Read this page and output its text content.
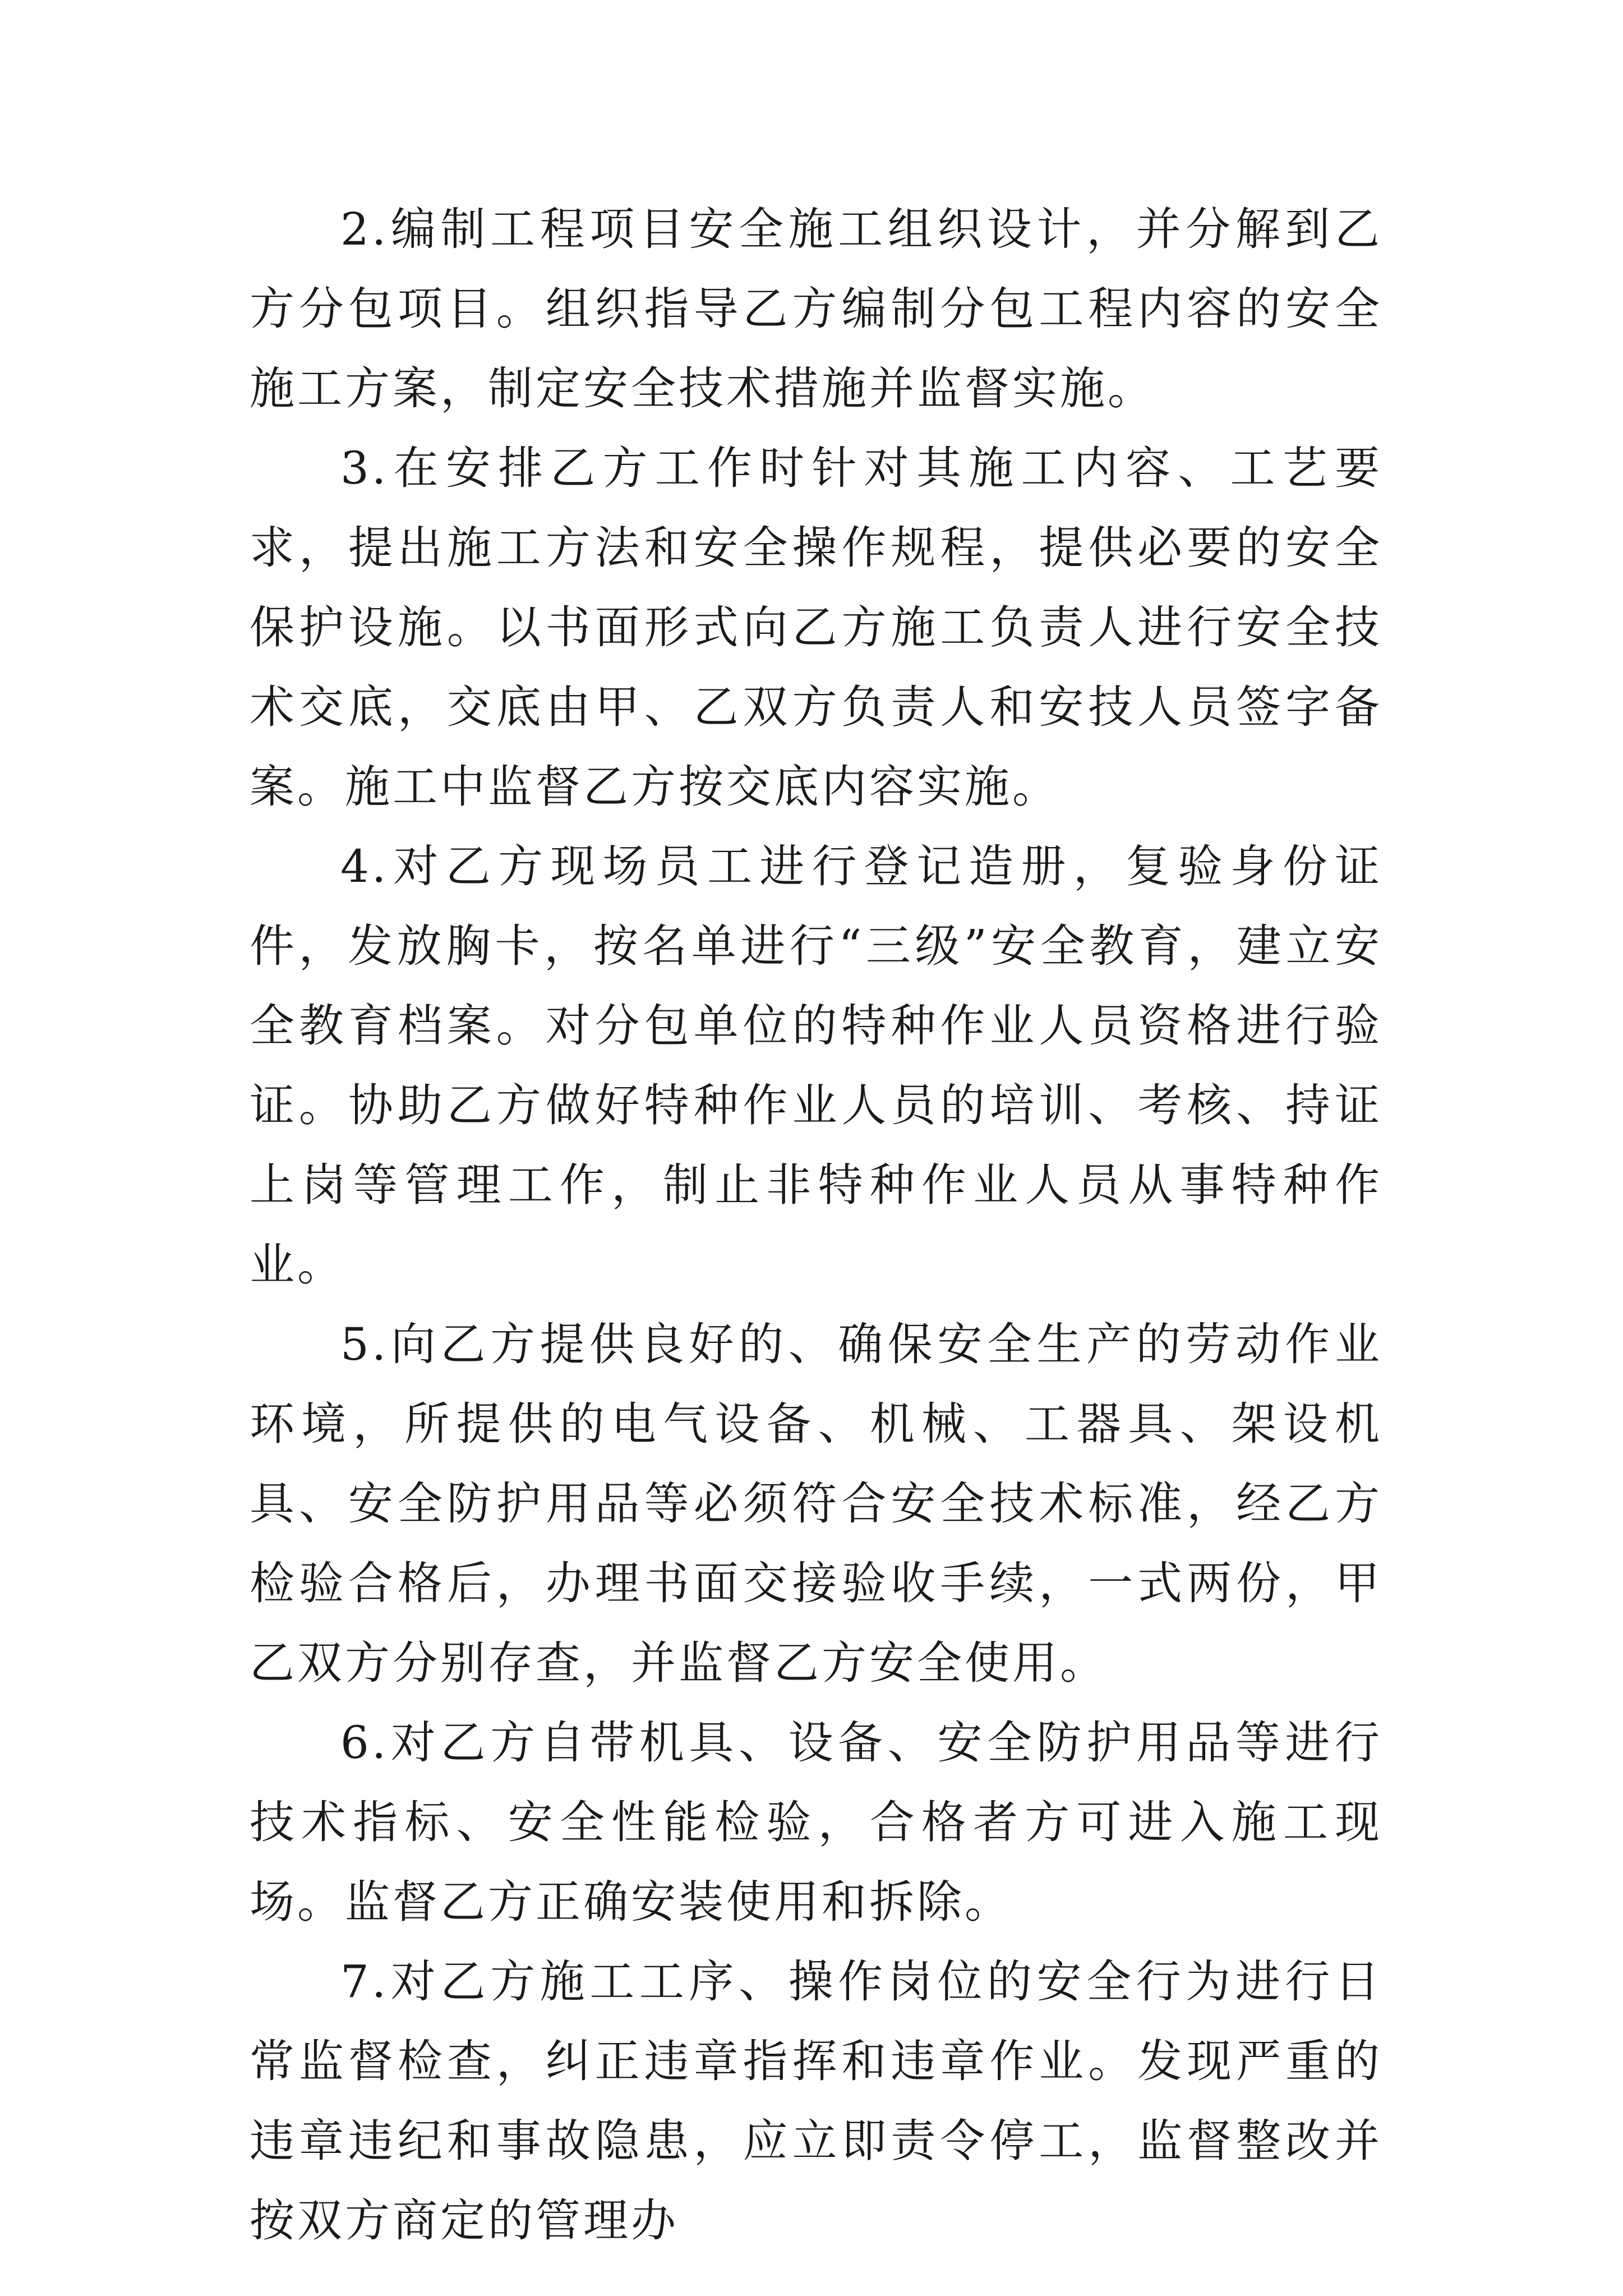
2.编制工程项目安全施工组织设计，并分解到乙方分包项目。组织指导乙方编制分包工程内容的安全施工方案，制定安全技术措施并监督实施。

3.在安排乙方工作时针对其施工内容、工艺要求，提出施工方法和安全操作规程，提供必要的安全保护设施。以书面形式向乙方施工负责人进行安全技术交底，交底由甲、乙双方负责人和安技人员签字备案。施工中监督乙方按交底内容实施。

4.对乙方现场员工进行登记造册，复验身份证件，发放胸卡，按名单进行“三级”安全教育，建立安全教育档案。对分包单位的特种作业人员资格进行验证。协助乙方做好特种作业人员的培训、考核、持证上岗等管理工作，制止非特种作业人员从事特种作业。

5.向乙方提供良好的、确保安全生产的劳动作业环境，所提供的电气设备、机械、工器具、架设机具、安全防护用品等必须符合安全技术标准，经乙方检验合格后，办理书面交接验收手续，一式两份，甲乙双方分别存查，并监督乙方安全使用。

6.对乙方自带机具、设备、安全防护用品等进行技术指标、安全性能检验，合格者方可进入施工现场。监督乙方正确安装使用和拆除。

7.对乙方施工工序、操作岗位的安全行为进行日常监督检查，纠正违章指挥和违章作业。发现严重的违章违纪和事故隐患，应立即责令停工，监督整改并按双方商定的管理办
